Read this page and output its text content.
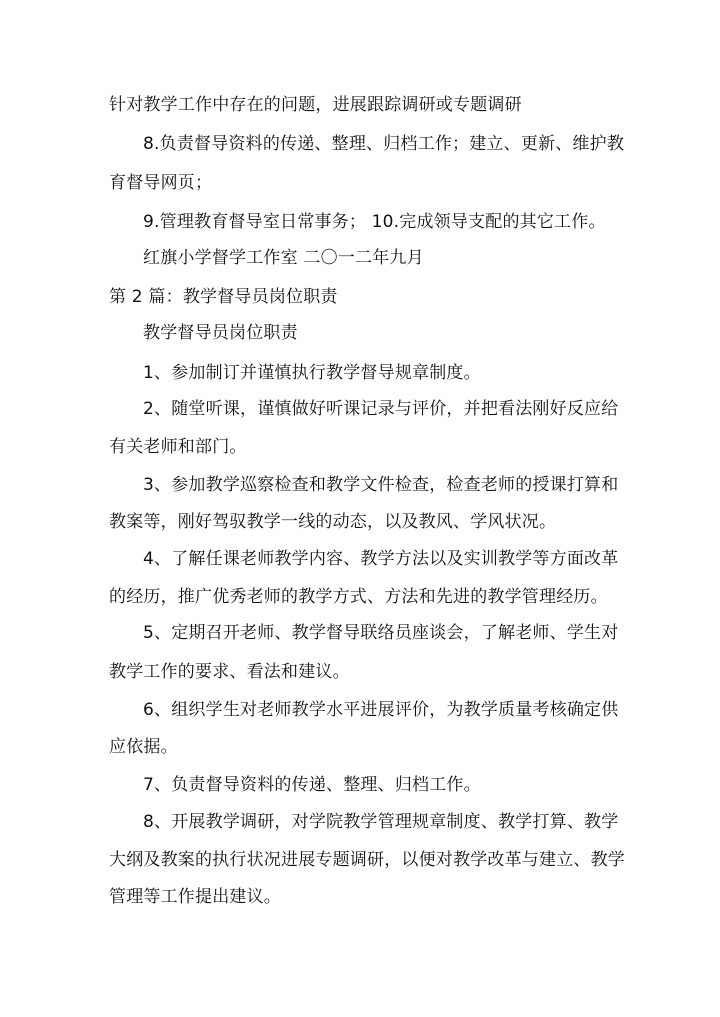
针对教学工作中存在的问题，进展跟踪调研或专题调研
8.负责督导资料的传递、整理、归档工作；建立、更新、维护教
育督导网页；
9.管理教育督导室日常事务； 10.完成领导支配的其它工作。
红旗小学督学工作室 二〇一二年九月
第 2 篇：教学督导员岗位职责
教学督导员岗位职责
1、参加制订并谨慎执行教学督导规章制度。
2、随堂听课，谨慎做好听课记录与评价，并把看法刚好反应给
有关老师和部门。
3、参加教学巡察检查和教学文件检查，检查老师的授课打算和
教案等，刚好驾驭教学一线的动态，以及教风、学风状况。
4、了解任课老师教学内容、教学方法以及实训教学等方面改革
的经历，推广优秀老师的教学方式、方法和先进的教学管理经历。
5、定期召开老师、教学督导联络员座谈会，了解老师、学生对
教学工作的要求、看法和建议。
6、组织学生对老师教学水平进展评价，为教学质量考核确定供
应依据。
7、负责督导资料的传递、整理、归档工作。
8、开展教学调研，对学院教学管理规章制度、教学打算、教学
大纲及教案的执行状况进展专题调研，以便对教学改革与建立、教学
管理等工作提出建议。
